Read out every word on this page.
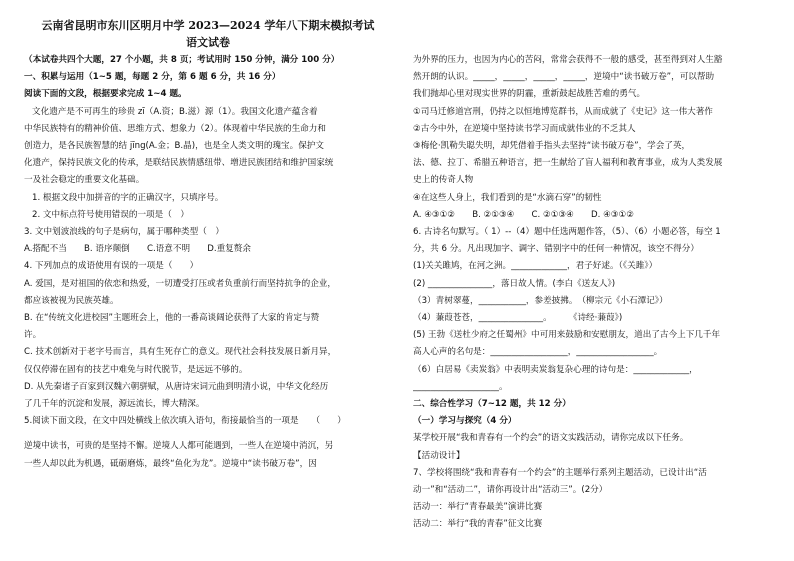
云南省昆明市东川区明月中学 2023—2024 学年八下期末模拟考试
语文试卷
（本试卷共四个大题，27 个小题，共 8 页；考试用时 150 分钟，满分 100 分）
一、积累与运用（1~5 题，每题 2 分，第 6 题 6 分，共 16 分）
阅读下面的文段，根据要求完成 1~4 题。
文化遗产是不可再生的珍贵 zī（A.资；B.滋）源（1）。我国文化遗产蕴含着
中华民族特有的精神价值、思维方式、想象力（2）。体现着中华民族的生命力和
创造力，是各民族智慧的结 jīng(A.金；B.晶)，也是全人类文明的瑰宝。保护文
化遗产，保持民族文化的传承，是联结民族情感纽带、增进民族团结和维护国家统
一及社会稳定的重要文化基础。
1. 根据文段中加拼音的字的正确汉字，只填序号。
2. 文中标点符号使用错误的一项是（　）
3. 文中划波浪线的句子是病句，属于哪种类型（　）
A.搭配不当　　B. 语序颠倒　　C.语意不明　　D.重复赘余
4. 下列加点的成语使用有误的一项是（　　）
A. 爱国，是对祖国的依恋和热爱，一切遭受打压或者负重前行而坚持抗争的企业，
都应该被视为民族英雄。
B. 在“传统文化进校园”主题班会上，他的一番高谈阔论获得了大家的肯定与赞
许。
C. 技术创新对于老字号而言，具有生死存亡的意义。现代社会科技发展日新月异，
仅仅停滞在固有的技艺中难免与时代脱节，是远远不够的。
D. 从先秦诸子百家到汉魏六朝骈赋，从唐诗宋词元曲到明清小说，中华文化经历
了几千年的沉淀和发展，源远流长，博大精深。
5.阅读下面文段，在文中四处横线上依次填入语句，衔接最恰当的一项是　　（　　）
逆境中读书，可贵的是坚持不懈。逆境人人都可能遇到，一些人在逆境中消沉，另
一些人却以此为机遇，砥砺磨炼，最终“鱼化为龙”。逆境中“读书破万卷”，因
为外界的压力，也因为内心的苦闷，常常会获得不一般的感受，甚至得到对人生豁
然开朗的认识。_____，_____，_____，_____，逆境中“读书破万卷”，可以帮助
我们抛却心里对现实世界的阴霾，重新鼓起战胜苦难的勇气。
①司马迁修道宫刑，仍持之以恒地博览群书，从而成就了《史记》这一伟大著作
②古今中外，在逆境中坚持读书学习而成就伟业的不乏其人
③梅伦·凯勒失聪失明，却凭借着手指头去坚持“读书破万卷”，学会了英，
法、德、拉丁、希腊五种语言，把一生献给了盲人福利和教育事业，成为人类发展
史上的传奇人物
④在这些人身上，我们看到的是“水滴石穿”的韧性
A. ④③①②　　B. ②①③④　　C. ②①③④　　D. ④③①②
6. 古诗名句默写。（ 1）--（4）题中任选两题作答，（5）、（6）小题必答，每空 1
分，共 6 分。凡出现加字、调字、错别字中的任何一种情况，该空不得分）
(1)关关雎鸠，在河之洲。_____________，君子好逑。（《关雎》）
(2) _______________，落日故人情。(李白《送友人》)
（3）青树翠蔓，___________，参差披拂。　（柳宗元《小石潭记》）
（4）蒹葭苍苍，_______________。　　　《诗经·蒹葭》)
(5) 王勃《送杜少府之任蜀州》中可用来鼓励和安慰朋友，道出了古今上下几千年
高人心声的名句是：__________________，__________________。
（6）白居易《卖炭翁》中表明卖炭翁复杂心理的诗句是：_____________，
____________________。
二、综合性学习（7~12 题，共 12 分）
（一）学习与探究（4 分）
某学校开展“我和青春有一个约会”的语文实践活动，请你完成以下任务。
【活动设计】
7、学校将围绕“我和青春有一个约会”的主题举行系列主题活动，已设计出“活
动一”和“活动二”，请你再设计出“活动三”。(2分）
活动一：举行“青春最美”演讲比赛
活动二：举行“我的青春”征文比赛
